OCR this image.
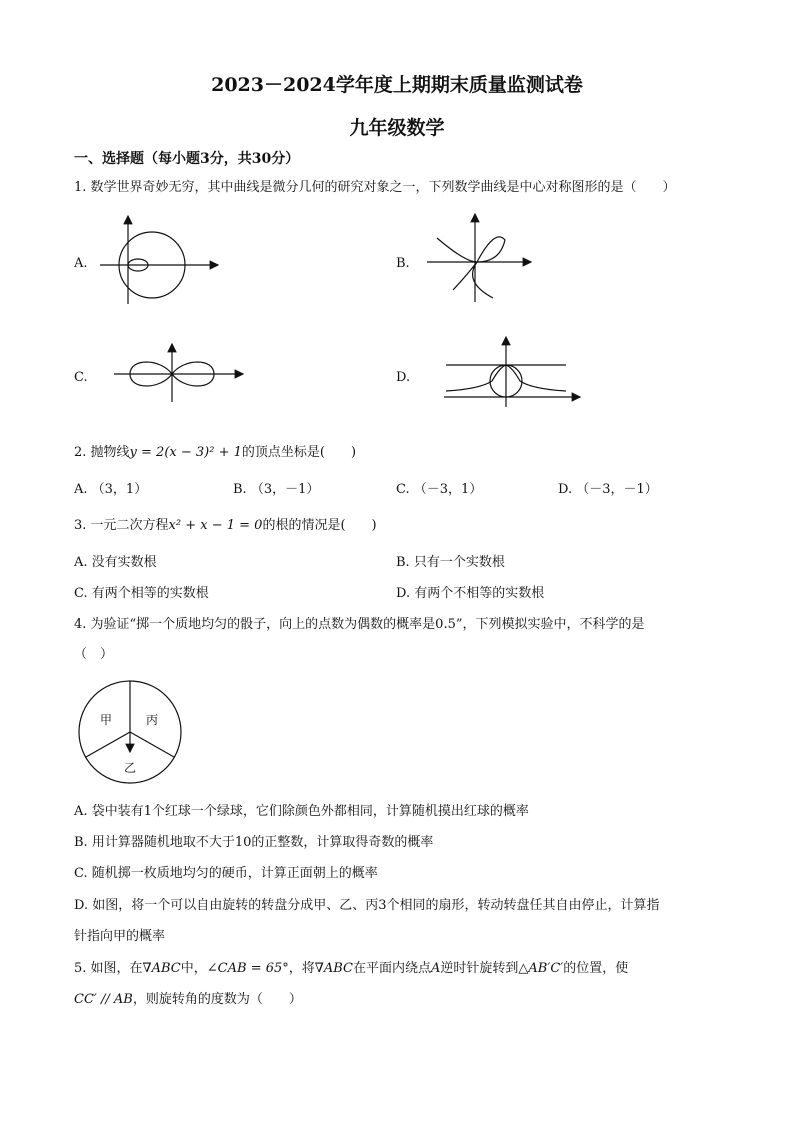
2023－2024学年度上期期末质量监测试卷
九年级数学
一、选择题（每小题3分，共30分）
1. 数学世界奇妙无穷，其中曲线是微分几何的研究对象之一，下列数学曲线是中心对称图形的是（　　）
A.	B.
C.	D.
2. 抛物线y = 2(x − 3)² + 1的顶点坐标是(　　)
A. （3，1）	B. （3，－1）	C. （－3，1）	D. （－3，－1）
3. 一元二次方程x² + x − 1 = 0的根的情况是(　　)
A. 没有实数根	B. 只有一个实数根
C. 有两个相等的实数根	D. 有两个不相等的实数根
4. 为验证“掷一个质地均匀的骰子，向上的点数为偶数的概率是0.5”，下列模拟实验中，不科学的是
（　）
甲	丙
乙
A. 袋中装有1个红球一个绿球，它们除颜色外都相同，计算随机摸出红球的概率
B. 用计算器随机地取不大于10的正整数，计算取得奇数的概率
C. 随机掷一枚质地均匀的硬币，计算正面朝上的概率
D. 如图，将一个可以自由旋转的转盘分成甲、乙、丙3个相同的扇形，转动转盘任其自由停止，计算指
针指向甲的概率
5. 如图，在∇ABC中，∠CAB = 65°，将∇ABC在平面内绕点A逆时针旋转到△AB′C′的位置，使
CC′ // AB，则旋转角的度数为（　　）
